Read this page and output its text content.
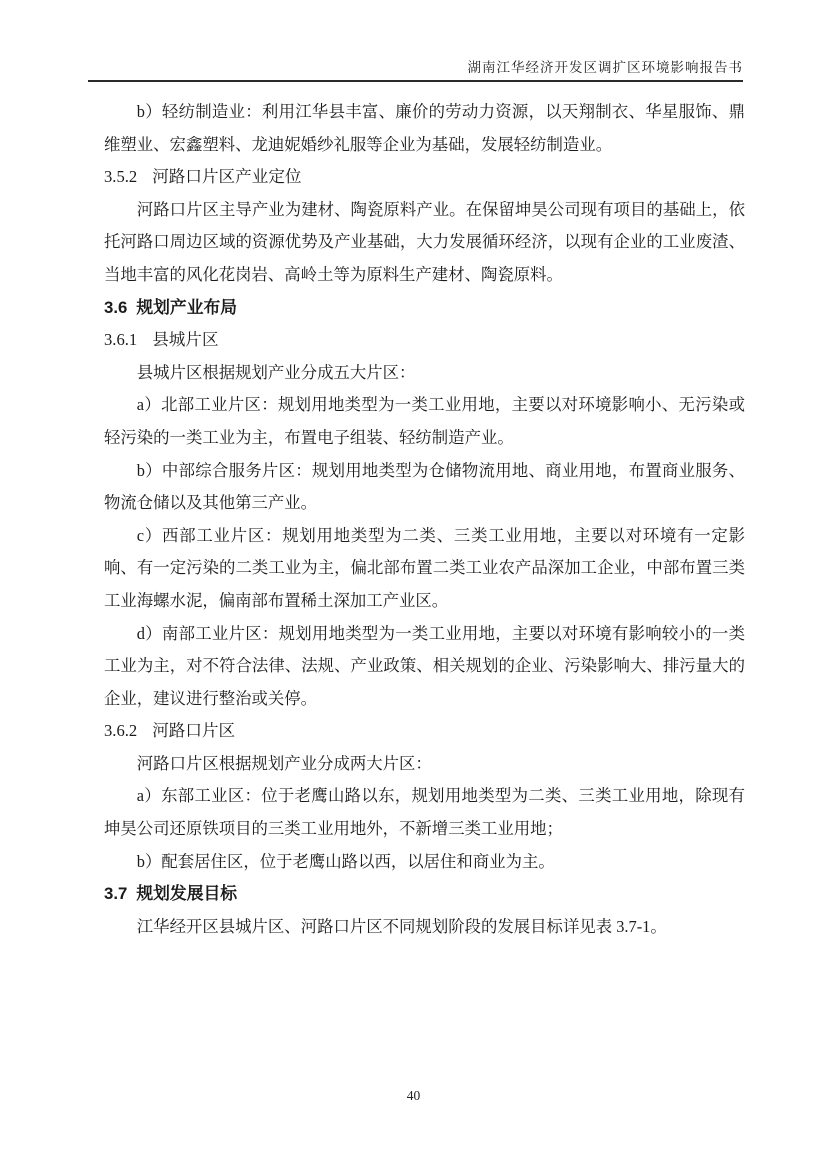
湖南江华经济开发区调扩区环境影响报告书

b）轻纺制造业：利用江华县丰富、廉价的劳动力资源，以天翔制衣、华星服饰、鼎维塑业、宏鑫塑料、龙迪妮婚纱礼服等企业为基础，发展轻纺制造业。

3.5.2 河路口片区产业定位

河路口片区主导产业为建材、陶瓷原料产业。在保留坤昊公司现有项目的基础上，依托河路口周边区域的资源优势及产业基础，大力发展循环经济，以现有企业的工业废渣、当地丰富的风化花岗岩、高岭土等为原料生产建材、陶瓷原料。

3.6 规划产业布局

3.6.1 县城片区

县城片区根据规划产业分成五大片区：

a）北部工业片区：规划用地类型为一类工业用地，主要以对环境影响小、无污染或轻污染的一类工业为主，布置电子组装、轻纺制造产业。

b）中部综合服务片区：规划用地类型为仓储物流用地、商业用地，布置商业服务、物流仓储以及其他第三产业。

c）西部工业片区：规划用地类型为二类、三类工业用地，主要以对环境有一定影响、有一定污染的二类工业为主，偏北部布置二类工业农产品深加工企业，中部布置三类工业海螺水泥，偏南部布置稀土深加工产业区。

d）南部工业片区：规划用地类型为一类工业用地，主要以对环境有影响较小的一类工业为主，对不符合法律、法规、产业政策、相关规划的企业、污染影响大、排污量大的企业，建议进行整治或关停。

3.6.2 河路口片区

河路口片区根据规划产业分成两大片区：

a）东部工业区：位于老鹰山路以东，规划用地类型为二类、三类工业用地，除现有坤昊公司还原铁项目的三类工业用地外，不新增三类工业用地；

b）配套居住区，位于老鹰山路以西，以居住和商业为主。

3.7 规划发展目标

江华经开区县城片区、河路口片区不同规划阶段的发展目标详见表 3.7-1。

40
